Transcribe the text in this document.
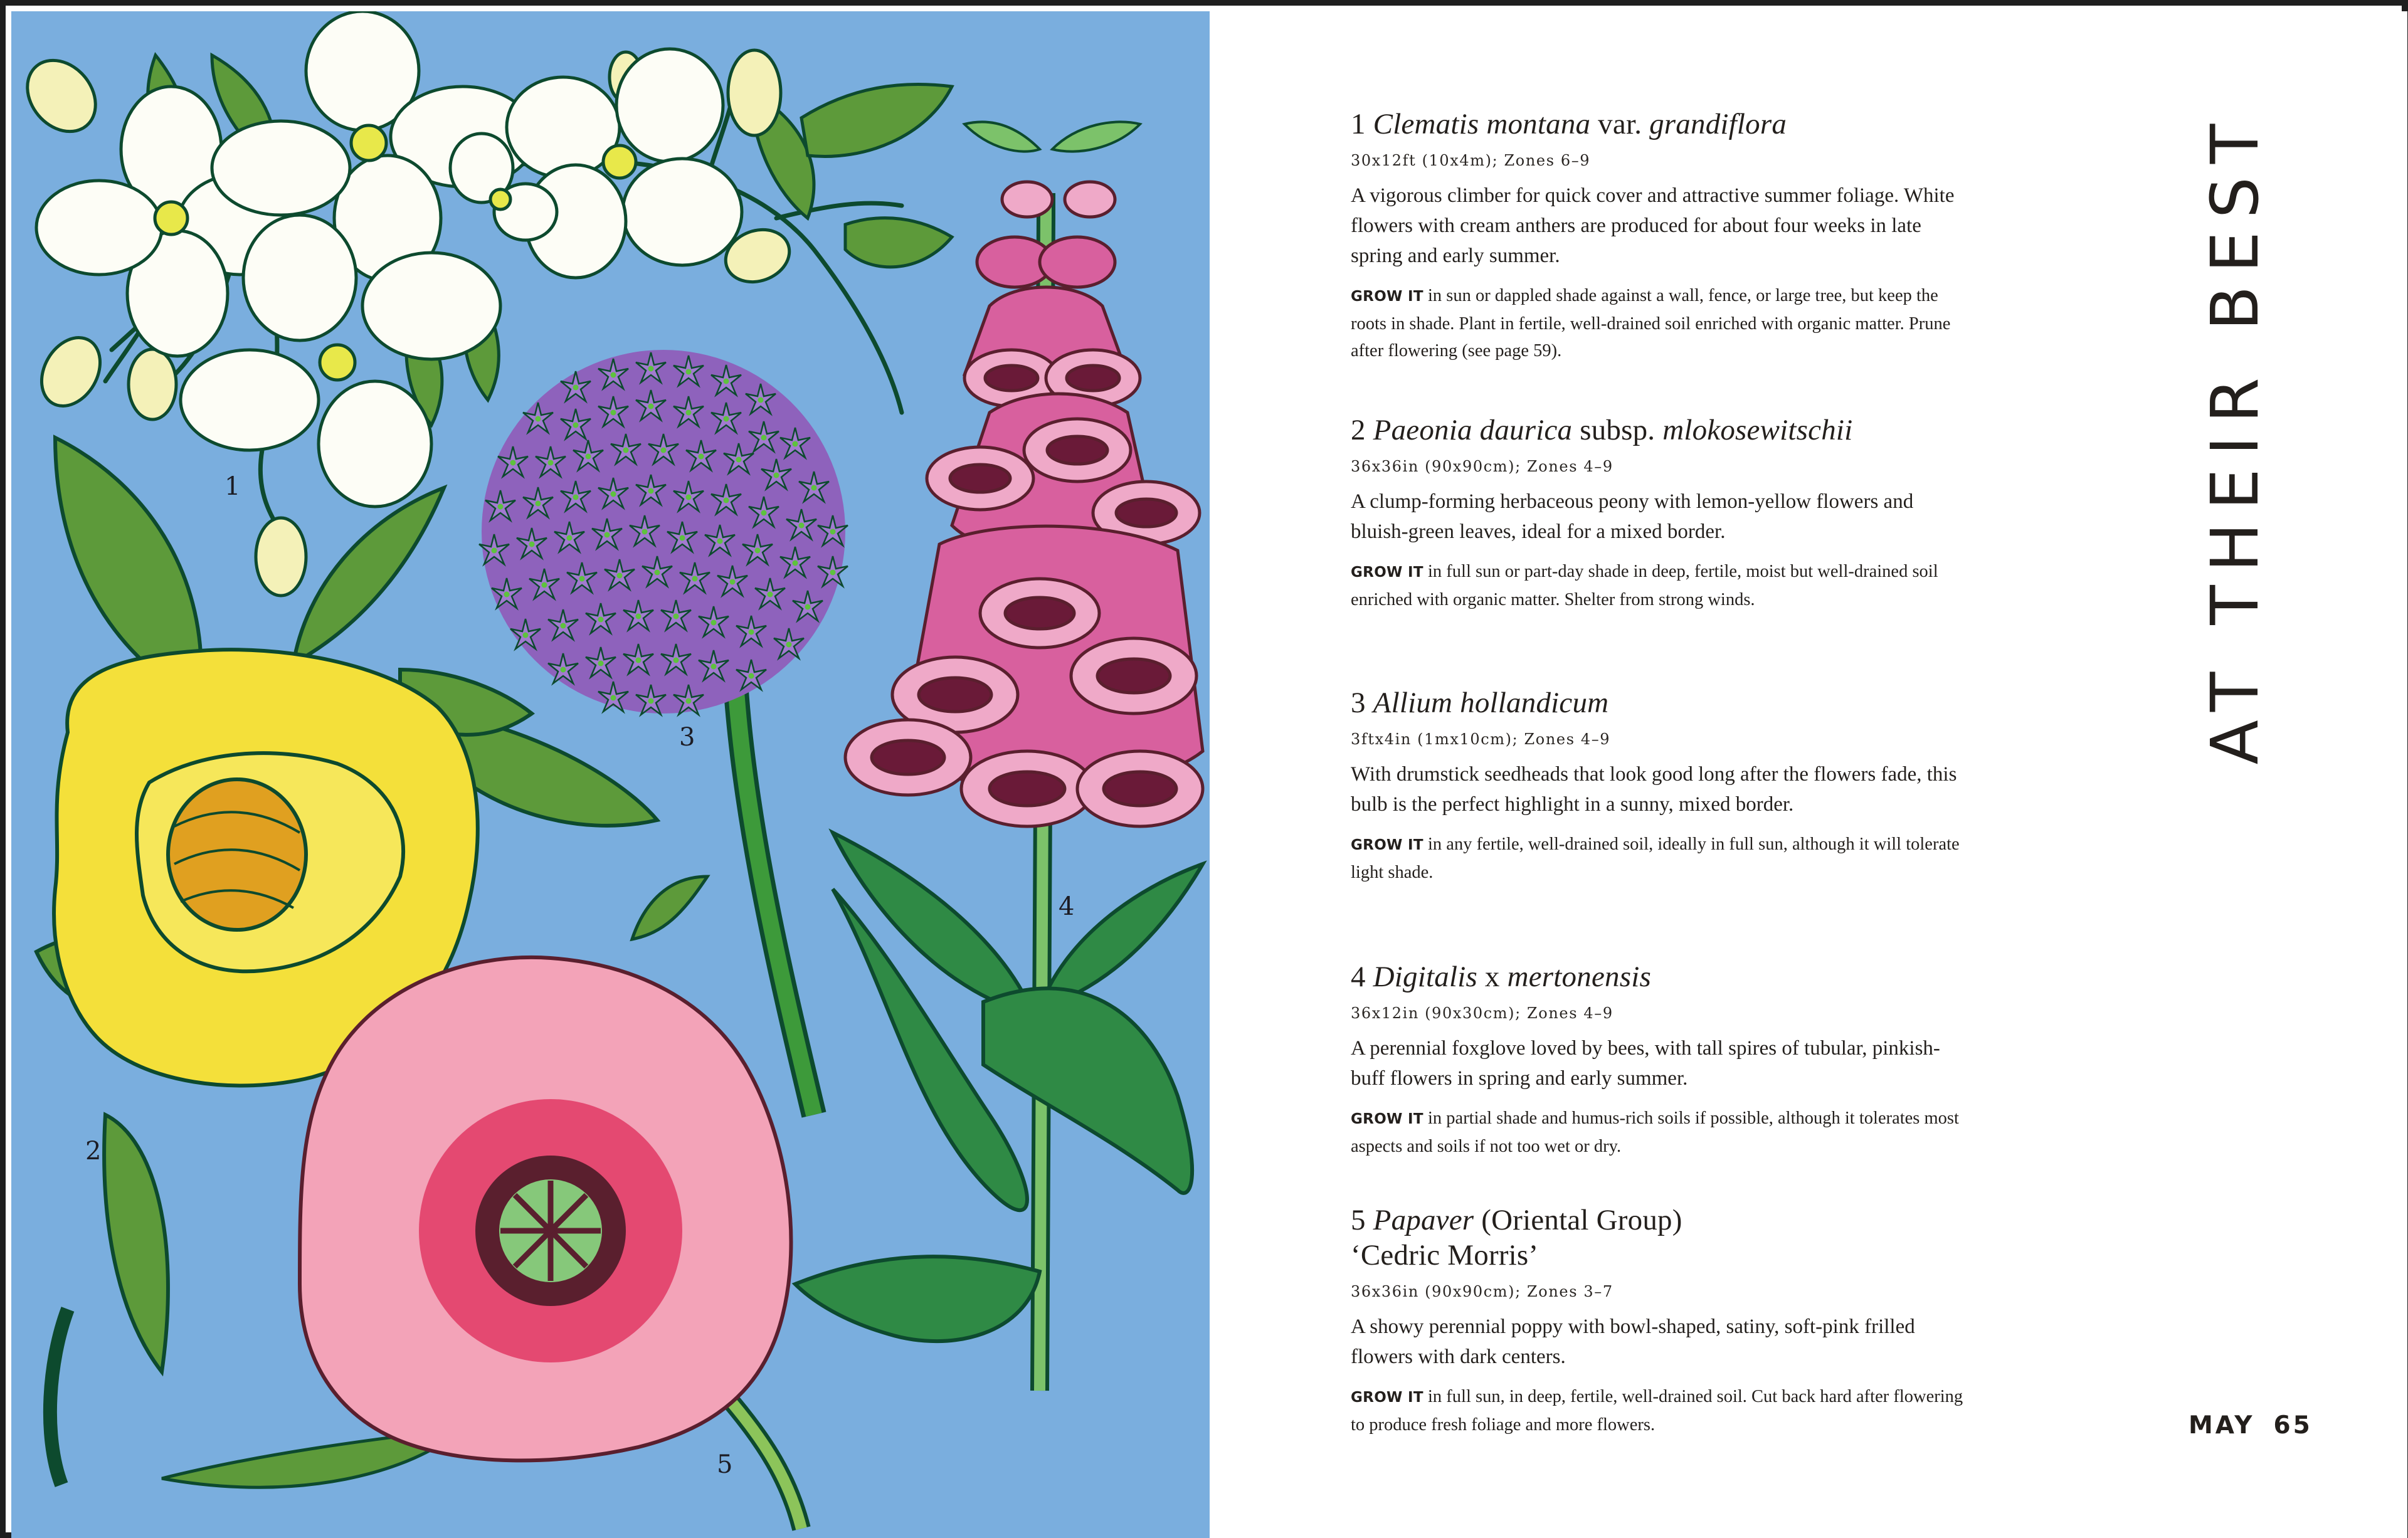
1
2
3
4
5
1 Clematis montana var. grandiflora
30x12ft (10x4m); Zones 6–9
A vigorous climber for quick cover and attractive summer foliage. White flowers with cream anthers are produced for about four weeks in late spring and early summer.
GROW IT in sun or dappled shade against a wall, fence, or large tree, but keep the roots in shade. Plant in fertile, well-drained soil enriched with organic matter. Prune after flowering (see page 59).
2 Paeonia daurica subsp. mlokosewitschii
36x36in (90x90cm); Zones 4–9
A clump-forming herbaceous peony with lemon-yellow flowers and bluish-green leaves, ideal for a mixed border.
GROW IT in full sun or part-day shade in deep, fertile, moist but well-drained soil enriched with organic matter. Shelter from strong winds.
3 Allium hollandicum
3ftx4in (1mx10cm); Zones 4–9
With drumstick seedheads that look good long after the flowers fade, this bulb is the perfect highlight in a sunny, mixed border.
GROW IT in any fertile, well-drained soil, ideally in full sun, although it will tolerate light shade.
4 Digitalis x mertonensis
36x12in (90x30cm); Zones 4–9
A perennial foxglove loved by bees, with tall spires of tubular, pinkish-buff flowers in spring and early summer.
GROW IT in partial shade and humus-rich soils if possible, although it tolerates most aspects and soils if not too wet or dry.
5 Papaver (Oriental Group)
‘Cedric Morris’
36x36in (90x90cm); Zones 3–7
A showy perennial poppy with bowl-shaped, satiny, soft-pink frilled flowers with dark centers.
GROW IT in full sun, in deep, fertile, well-drained soil. Cut back hard after flowering to produce fresh foliage and more flowers.
AT THEIR BEST
MAY 65
